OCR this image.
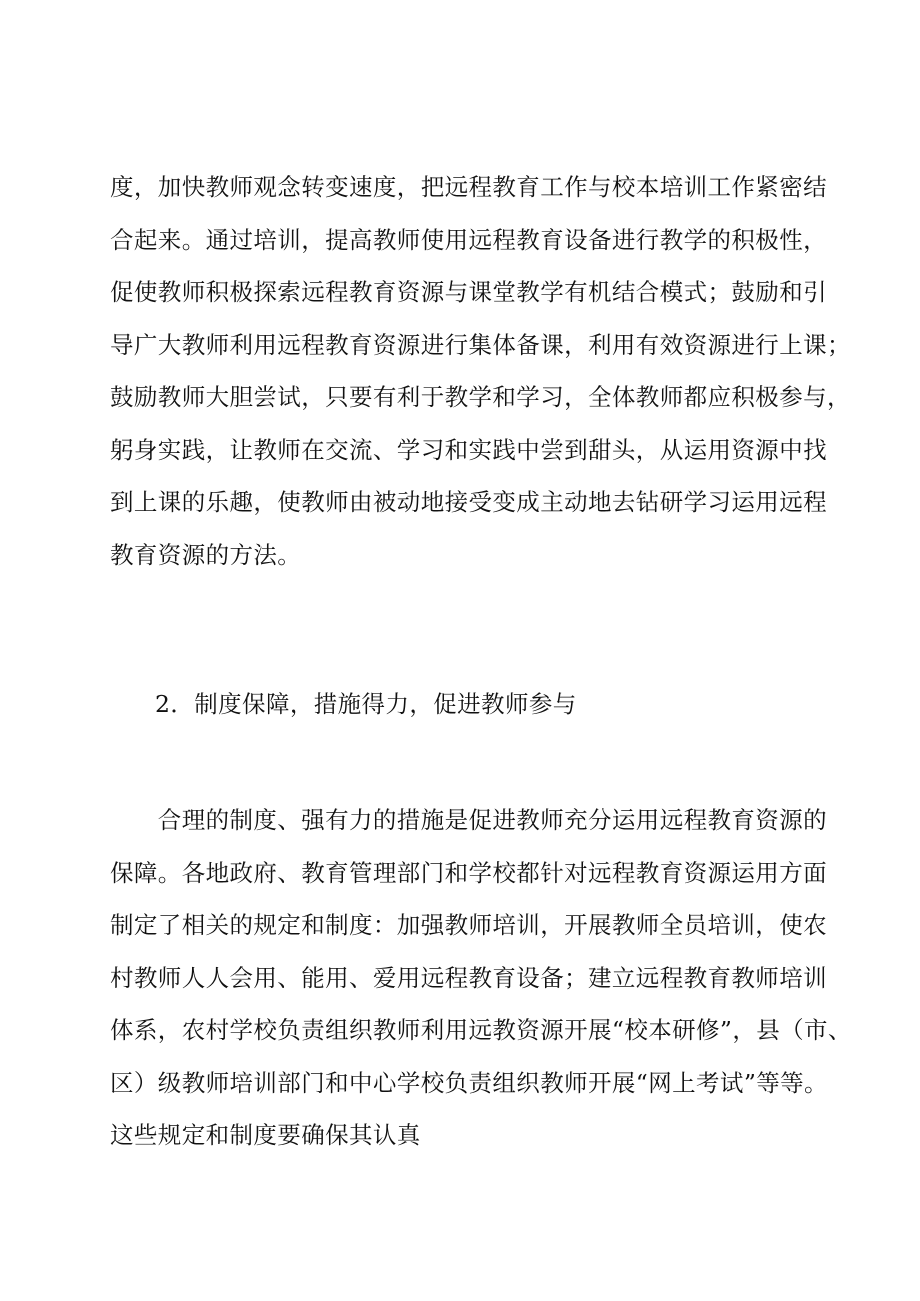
度，加快教师观念转变速度，把远程教育工作与校本培训工作紧密结
合起来。通过培训，提高教师使用远程教育设备进行教学的积极性，
促使教师积极探索远程教育资源与课堂教学有机结合模式；鼓励和引
导广大教师利用远程教育资源进行集体备课，利用有效资源进行上课；
鼓励教师大胆尝试，只要有利于教学和学习，全体教师都应积极参与，
躬身实践，让教师在交流、学习和实践中尝到甜头，从运用资源中找
到上课的乐趣，使教师由被动地接受变成主动地去钻研学习运用远程
教育资源的方法。
2．制度保障，措施得力，促进教师参与
　　合理的制度、强有力的措施是促进教师充分运用远程教育资源的
保障。各地政府、教育管理部门和学校都针对远程教育资源运用方面
制定了相关的规定和制度：加强教师培训，开展教师全员培训，使农
村教师人人会用、能用、爱用远程教育设备；建立远程教育教师培训
体系，农村学校负责组织教师利用远教资源开展“校本研修”，县（市、
区）级教师培训部门和中心学校负责组织教师开展“网上考试”等等。
这些规定和制度要确保其认真
